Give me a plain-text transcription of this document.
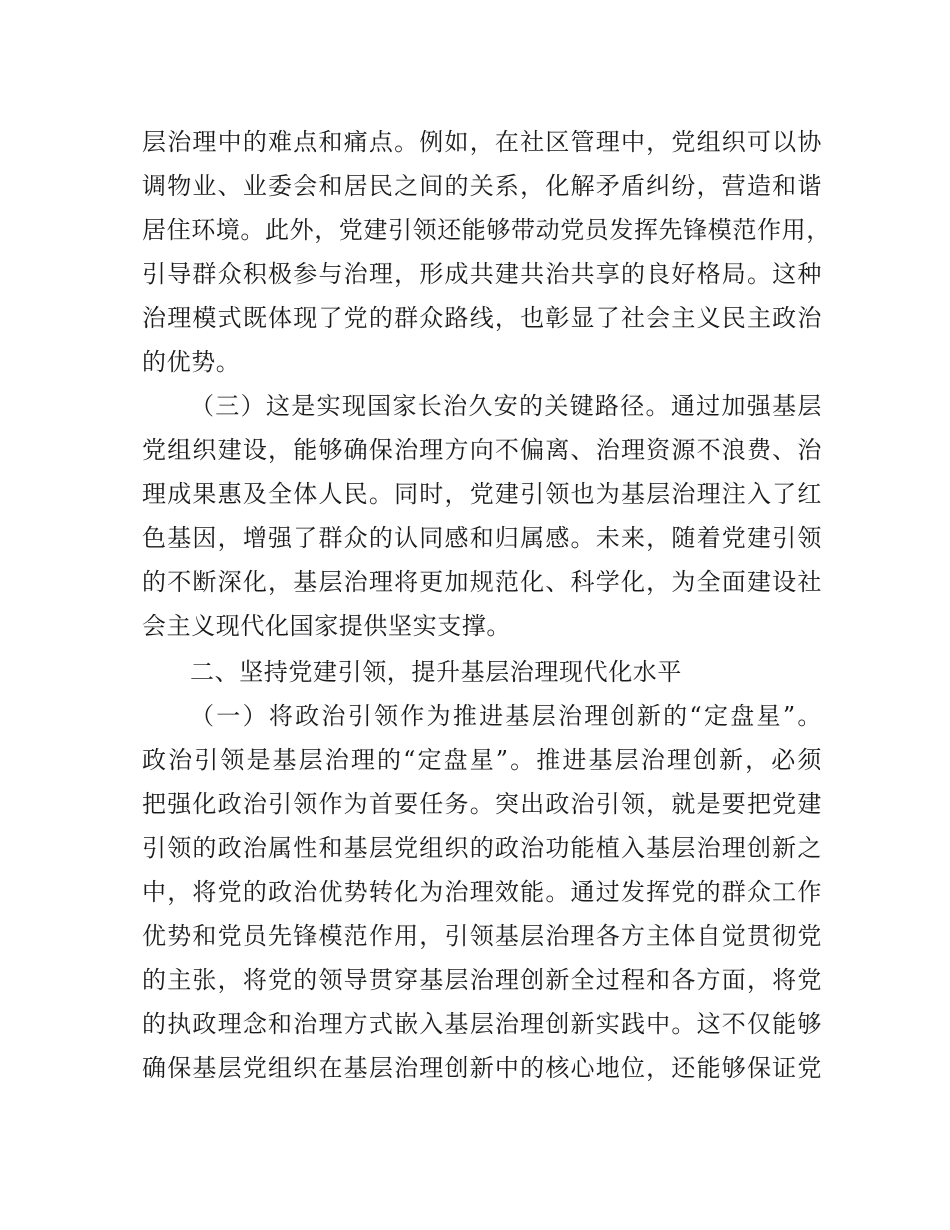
层治理中的难点和痛点。例如，在社区管理中，党组织可以协
调物业、业委会和居民之间的关系，化解矛盾纠纷，营造和谐
居住环境。此外，党建引领还能够带动党员发挥先锋模范作用，
引导群众积极参与治理，形成共建共治共享的良好格局。这种
治理模式既体现了党的群众路线，也彰显了社会主义民主政治
的优势。
（三）这是实现国家长治久安的关键路径。通过加强基层
党组织建设，能够确保治理方向不偏离、治理资源不浪费、治
理成果惠及全体人民。同时，党建引领也为基层治理注入了红
色基因，增强了群众的认同感和归属感。未来，随着党建引领
的不断深化，基层治理将更加规范化、科学化，为全面建设社
会主义现代化国家提供坚实支撑。
二、坚持党建引领，提升基层治理现代化水平
（一）将政治引领作为推进基层治理创新的“定盘星”。
政治引领是基层治理的“定盘星”。推进基层治理创新，必须
把强化政治引领作为首要任务。突出政治引领，就是要把党建
引领的政治属性和基层党组织的政治功能植入基层治理创新之
中，将党的政治优势转化为治理效能。通过发挥党的群众工作
优势和党员先锋模范作用，引领基层治理各方主体自觉贯彻党
的主张，将党的领导贯穿基层治理创新全过程和各方面，将党
的执政理念和治理方式嵌入基层治理创新实践中。这不仅能够
确保基层党组织在基层治理创新中的核心地位，还能够保证党
